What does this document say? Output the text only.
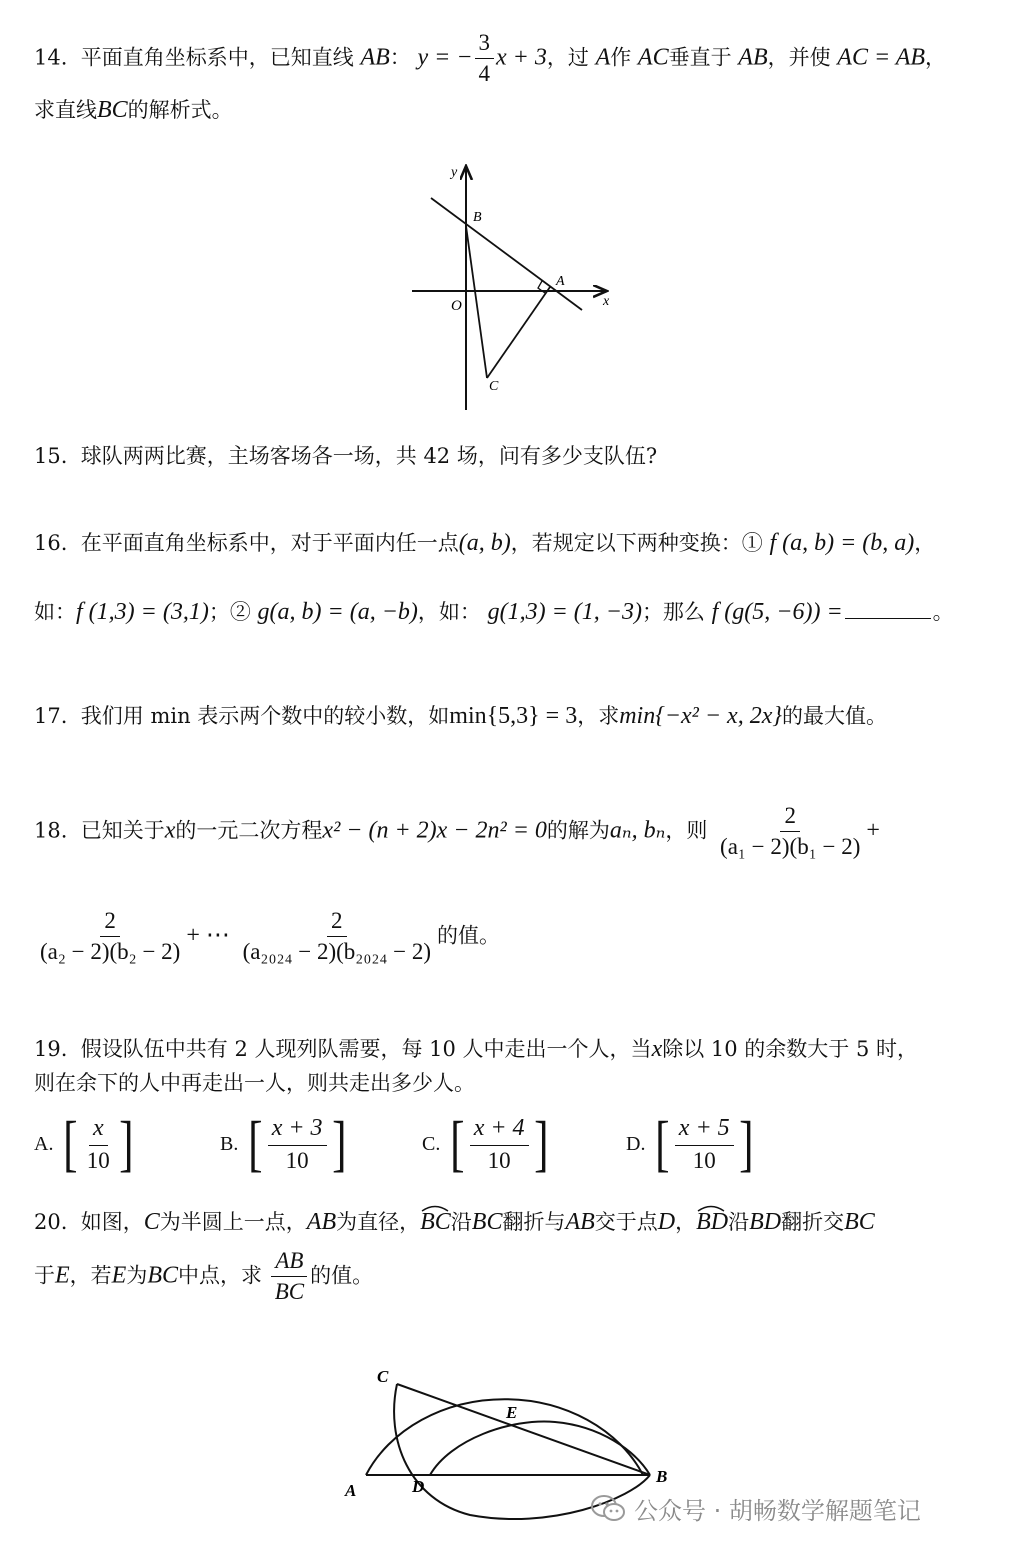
14. 平面直角坐标系中，已知直线 AB： y = − $\frac{3}{4}$ x + 3，过 A作 AC垂直于 AB，并使 AC = AB，
求直线BC的解析式。
y
B
A
x
O
C
15. 球队两两比赛，主场客场各一场，共 42 场，问有多少支队伍?
16. 在平面直角坐标系中，对于平面内任一点(a, b)，若规定以下两种变换：① f (a, b) = (b, a)，
如：f (1,3) = (3,1)；② g(a, b) = (a, −b)，如： g(1,3) = (1, −3)；那么 f (g(5, −6)) =	。
17. 我们用 min 表示两个数中的较小数，如min{5,3} = 3，求min{−x² − x, 2x}的最大值。
18. 已知关于x的一元二次方程x² − (n + 2)x − 2n² = 0的解为aₙ, bₙ，则 $\frac{2}{\text{(a₁ − 2)(b₁ − 2)}}$ +
$\frac{2}{\text{(a₂ − 2)(b₂ − 2)}}$ + ⋯ $\frac{2}{\text{(a₂₀₂₄ − 2)(b₂₀₂₄ − 2)}}$ 的值。
19. 假设队伍中共有 2 人现列队需要，每 10 人中走出一个人，当x除以 10 的余数大于 5 时，
则在余下的人中再走出一人，则共走出多少人。
A. [ $\frac{x}{10}$ ]	B. [ $\frac{x + 3}{10}$ ]	C. [ $\frac{x + 4}{10}$ ]	D. [ $\frac{x + 5}{10}$ ]
20. 如图，C为半圆上一点，AB为直径，BC
沿BC翻折与AB交于点D，BD
沿BD翻折交BC
于E，若E为BC中点，求 $\frac{AB}{BC}$ 的值。
C
E
A	D
B
公众号 · 胡畅数学解题笔记
